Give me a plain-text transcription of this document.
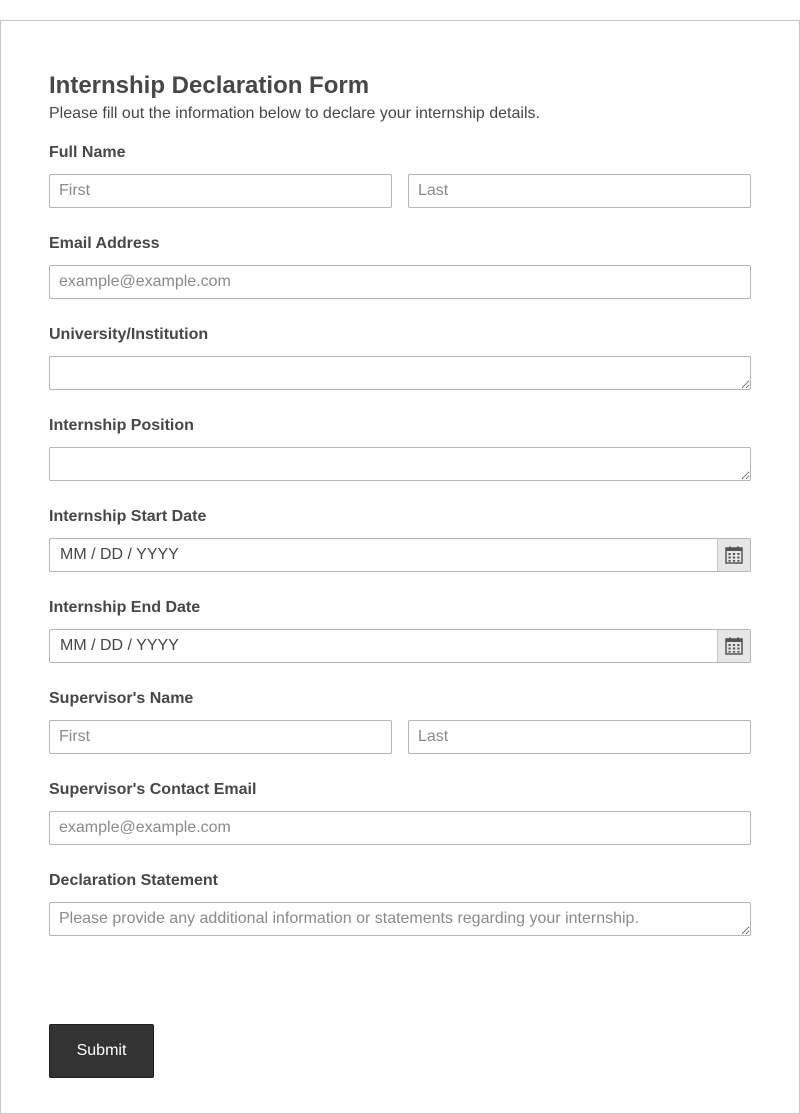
Internship Declaration Form

Please fill out the information below to declare your internship details.

Full Name
First
Last
Email Address
example@example.com
University/Institution
Internship Position
Internship Start Date
MM / DD / YYYY
Internship End Date
MM / DD / YYYY
Supervisor's Name
First
Last
Supervisor's Contact Email
example@example.com
Declaration Statement
Please provide any additional information or statements regarding your internship.
Submit
